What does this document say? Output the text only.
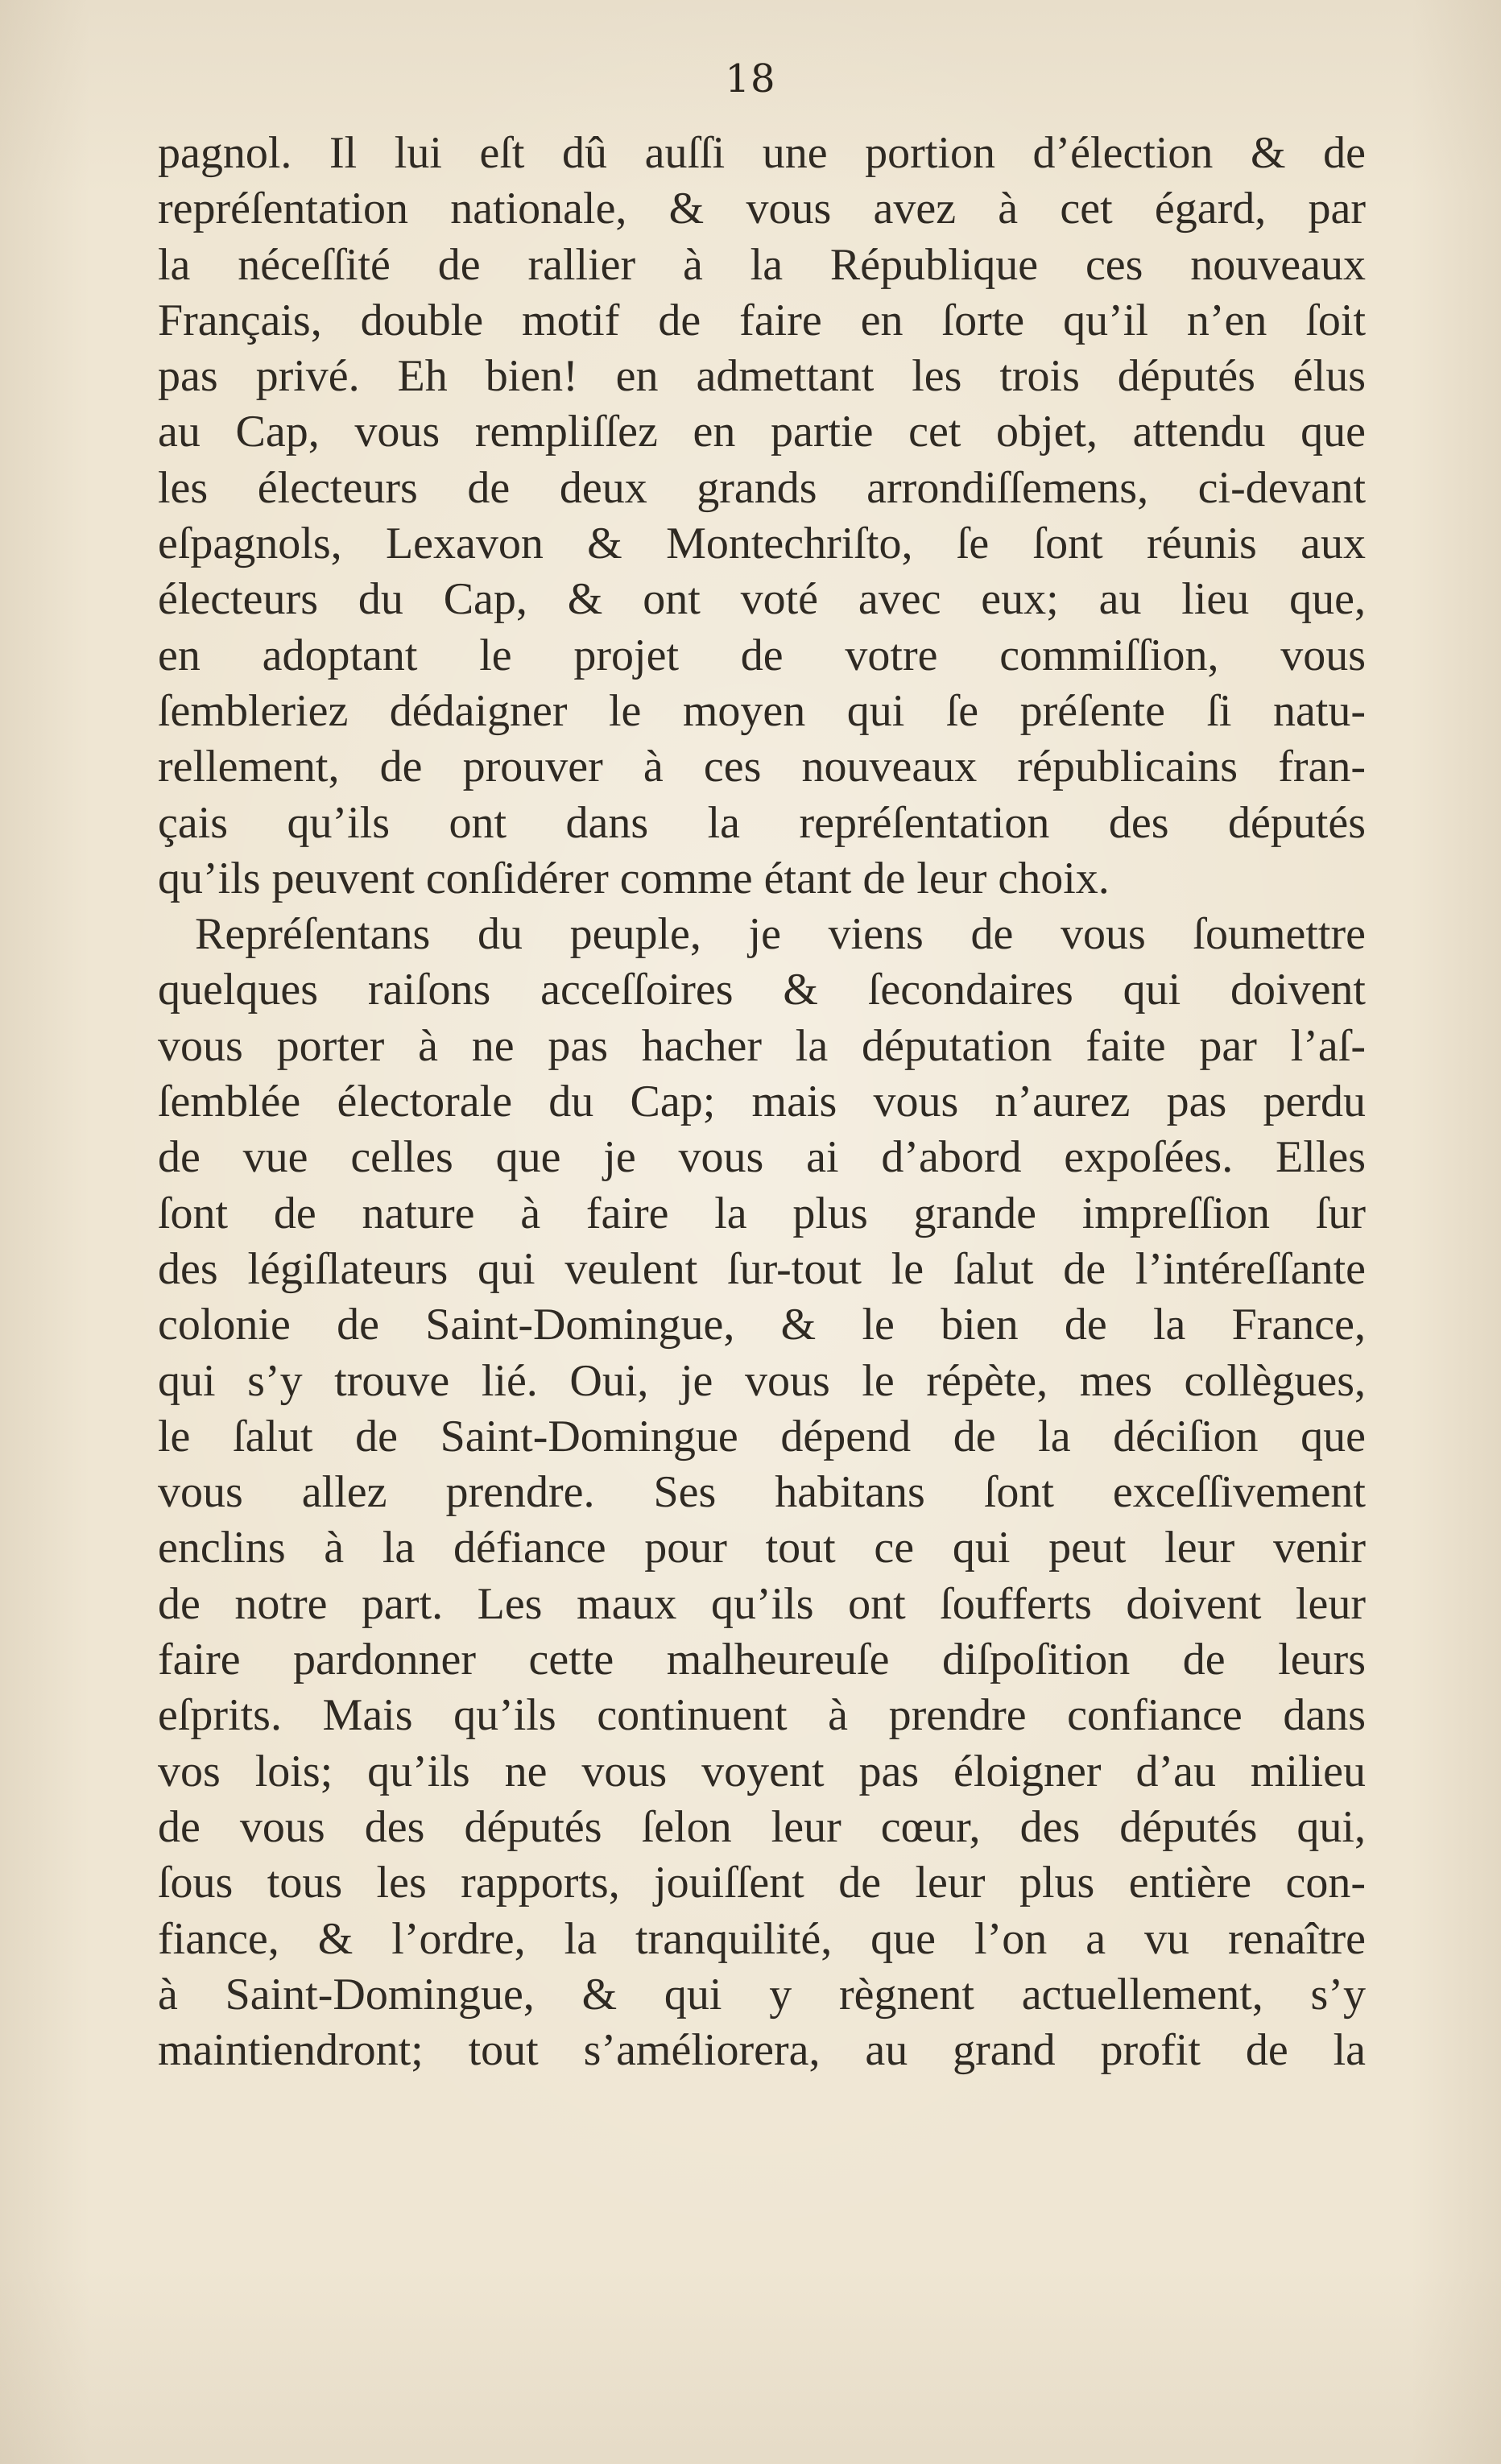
18
pagnol. Il lui eſt dû auſſi une portion d’élection & de
repréſentation nationale, & vous avez à cet égard, par
la néceſſité de rallier à la République ces nouveaux
Français, double motif de faire en ſorte qu’il n’en ſoit
pas privé. Eh bien! en admettant les trois députés élus
au Cap, vous rempliſſez en partie cet objet, attendu que
les électeurs de deux grands arrondiſſemens, ci-devant
eſpagnols, Lexavon & Montechriſto, ſe ſont réunis aux
électeurs du Cap, & ont voté avec eux; au lieu que,
en adoptant le projet de votre commiſſion, vous
ſembleriez dédaigner le moyen qui ſe préſente ſi natu-
rellement, de prouver à ces nouveaux républicains fran-
çais qu’ils ont dans la repréſentation des députés
qu’ils peuvent conſidérer comme étant de leur choix.
Repréſentans du peuple, je viens de vous ſoumettre
quelques raiſons acceſſoires & ſecondaires qui doivent
vous porter à ne pas hacher la députation faite par l’aſ-
ſemblée électorale du Cap; mais vous n’aurez pas perdu
de vue celles que je vous ai d’abord expoſées. Elles
ſont de nature à faire la plus grande impreſſion ſur
des légiſlateurs qui veulent ſur-tout le ſalut de l’intéreſſante
colonie de Saint-Domingue, & le bien de la France,
qui s’y trouve lié. Oui, je vous le répète, mes collègues,
le ſalut de Saint-Domingue dépend de la déciſion que
vous allez prendre. Ses habitans ſont exceſſivement
enclins à la défiance pour tout ce qui peut leur venir
de notre part. Les maux qu’ils ont ſoufferts doivent leur
faire pardonner cette malheureuſe diſpoſition de leurs
eſprits. Mais qu’ils continuent à prendre confiance dans
vos lois; qu’ils ne vous voyent pas éloigner d’au milieu
de vous des députés ſelon leur cœur, des députés qui,
ſous tous les rapports, jouiſſent de leur plus entière con-
fiance, & l’ordre, la tranquilité, que l’on a vu renaître
à Saint-Domingue, & qui y règnent actuellement, s’y
maintiendront; tout s’améliorera, au grand profit de la
